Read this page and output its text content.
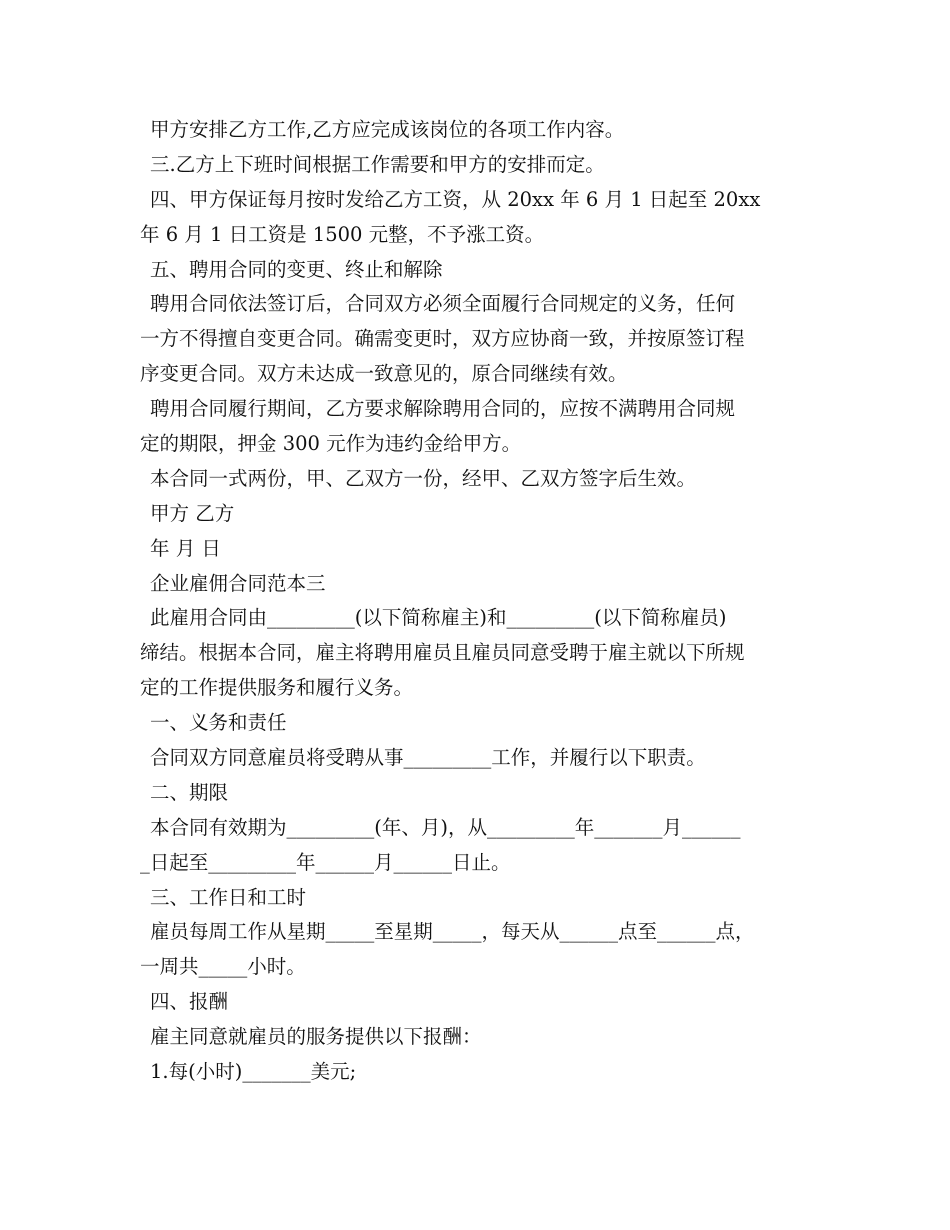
甲方安排乙方工作,乙方应完成该岗位的各项工作内容。
三.乙方上下班时间根据工作需要和甲方的安排而定。
四、甲方保证每月按时发给乙方工资，从 20xx 年 6 月 1 日起至 20xx
年 6 月 1 日工资是 1500 元整，不予涨工资。
五、聘用合同的变更、终止和解除
聘用合同依法签订后，合同双方必须全面履行合同规定的义务，任何
一方不得擅自变更合同。确需变更时，双方应协商一致，并按原签订程
序变更合同。双方未达成一致意见的，原合同继续有效。
聘用合同履行期间，乙方要求解除聘用合同的，应按不满聘用合同规
定的期限，押金 300 元作为违约金给甲方。
本合同一式两份，甲、乙双方一份，经甲、乙双方签字后生效。
甲方 乙方
年 月 日
企业雇佣合同范本三
此雇用合同由_________(以下简称雇主)和_________(以下简称雇员)
缔结。根据本合同，雇主将聘用雇员且雇员同意受聘于雇主就以下所规
定的工作提供服务和履行义务。
一、义务和责任
合同双方同意雇员将受聘从事_________工作，并履行以下职责。
二、期限
本合同有效期为_________(年、月)，从_________年_______月______
_日起至_________年______月______日止。
三、工作日和工时
雇员每周工作从星期_____至星期_____，每天从______点至______点，
一周共_____小时。
四、报酬
雇主同意就雇员的服务提供以下报酬：
1.每(小时)_______美元;
